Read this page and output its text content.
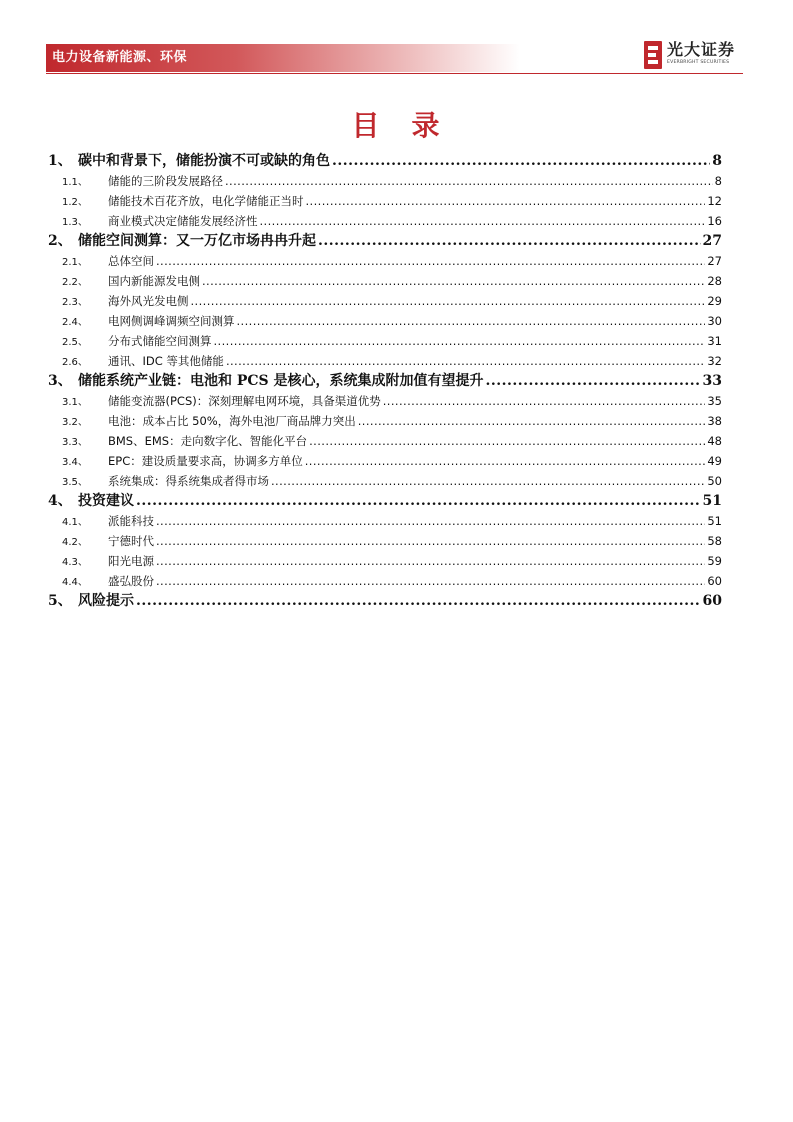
电力设备新能源、环保	光大证券
EVERBRIGHT SECURITIES
目　录
1、 碳中和背景下，储能扮演不可或缺的角色 .....	8
1.1、	储能的三阶段发展路径 .....	8
1.2、	储能技术百花齐放，电化学储能正当时 .....	12
1.3、	商业模式决定储能发展经济性 .....	16
2、 储能空间测算：又一万亿市场冉冉升起 .....	27
2.1、	总体空间 .....	27
2.2、	国内新能源发电侧 .....	28
2.3、	海外风光发电侧 .....	29
2.4、	电网侧调峰调频空间测算 .....	30
2.5、	分布式储能空间测算 .....	31
2.6、	通讯、IDC 等其他储能 .....	32
3、 储能系统产业链：电池和 PCS 是核心，系统集成附加值有望提升 .....	33
3.1、	储能变流器(PCS)：深刻理解电网环境，具备渠道优势 .....	35
3.2、	电池：成本占比 50%，海外电池厂商品牌力突出 .....	38
3.3、	BMS、EMS：走向数字化、智能化平台 .....	48
3.4、	EPC：建设质量要求高，协调多方单位 .....	49
3.5、	系统集成：得系统集成者得市场 .....	50
4、 投资建议 .....	51
4.1、	派能科技 .....	51
4.2、	宁德时代 .....	58
4.3、	阳光电源 .....	59
4.4、	盛弘股份 .....	60
5、 风险提示 .....	60
